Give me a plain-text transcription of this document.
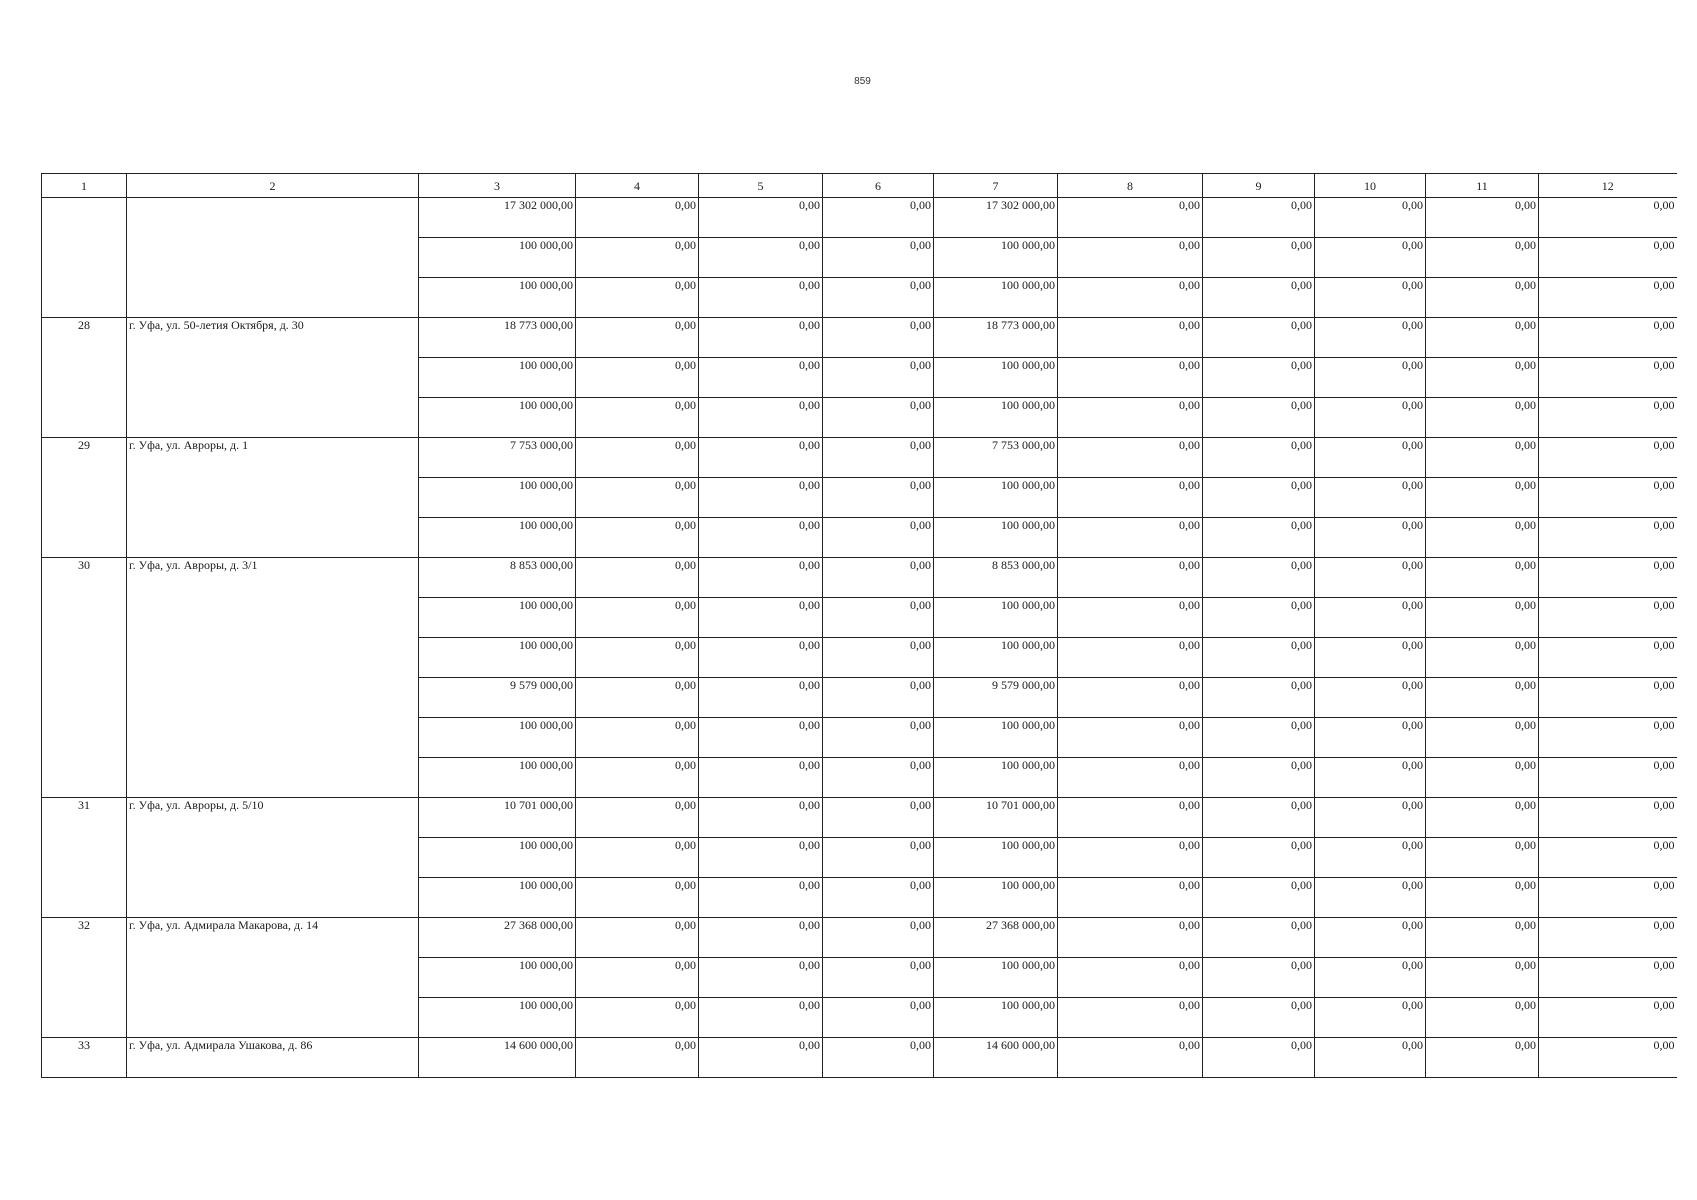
859
1	2	3	4	5	6	7	8	9	10	11	12
		17 302 000,00	0,00	0,00	0,00	17 302 000,00	0,00	0,00	0,00	0,00	0,00
		100 000,00	0,00	0,00	0,00	100 000,00	0,00	0,00	0,00	0,00	0,00
		100 000,00	0,00	0,00	0,00	100 000,00	0,00	0,00	0,00	0,00	0,00
28	г. Уфа, ул. 50-летия Октября, д. 30	18 773 000,00	0,00	0,00	0,00	18 773 000,00	0,00	0,00	0,00	0,00	0,00
		100 000,00	0,00	0,00	0,00	100 000,00	0,00	0,00	0,00	0,00	0,00
		100 000,00	0,00	0,00	0,00	100 000,00	0,00	0,00	0,00	0,00	0,00
29	г. Уфа, ул. Авроры, д. 1	7 753 000,00	0,00	0,00	0,00	7 753 000,00	0,00	0,00	0,00	0,00	0,00
		100 000,00	0,00	0,00	0,00	100 000,00	0,00	0,00	0,00	0,00	0,00
		100 000,00	0,00	0,00	0,00	100 000,00	0,00	0,00	0,00	0,00	0,00
30	г. Уфа, ул. Авроры, д. 3/1	8 853 000,00	0,00	0,00	0,00	8 853 000,00	0,00	0,00	0,00	0,00	0,00
		100 000,00	0,00	0,00	0,00	100 000,00	0,00	0,00	0,00	0,00	0,00
		100 000,00	0,00	0,00	0,00	100 000,00	0,00	0,00	0,00	0,00	0,00
		9 579 000,00	0,00	0,00	0,00	9 579 000,00	0,00	0,00	0,00	0,00	0,00
		100 000,00	0,00	0,00	0,00	100 000,00	0,00	0,00	0,00	0,00	0,00
		100 000,00	0,00	0,00	0,00	100 000,00	0,00	0,00	0,00	0,00	0,00
31	г. Уфа, ул. Авроры, д. 5/10	10 701 000,00	0,00	0,00	0,00	10 701 000,00	0,00	0,00	0,00	0,00	0,00
		100 000,00	0,00	0,00	0,00	100 000,00	0,00	0,00	0,00	0,00	0,00
		100 000,00	0,00	0,00	0,00	100 000,00	0,00	0,00	0,00	0,00	0,00
32	г. Уфа, ул. Адмирала Макарова, д. 14	27 368 000,00	0,00	0,00	0,00	27 368 000,00	0,00	0,00	0,00	0,00	0,00
		100 000,00	0,00	0,00	0,00	100 000,00	0,00	0,00	0,00	0,00	0,00
		100 000,00	0,00	0,00	0,00	100 000,00	0,00	0,00	0,00	0,00	0,00
33	г. Уфа, ул. Адмирала Ушакова, д. 86	14 600 000,00	0,00	0,00	0,00	14 600 000,00	0,00	0,00	0,00	0,00	0,00
